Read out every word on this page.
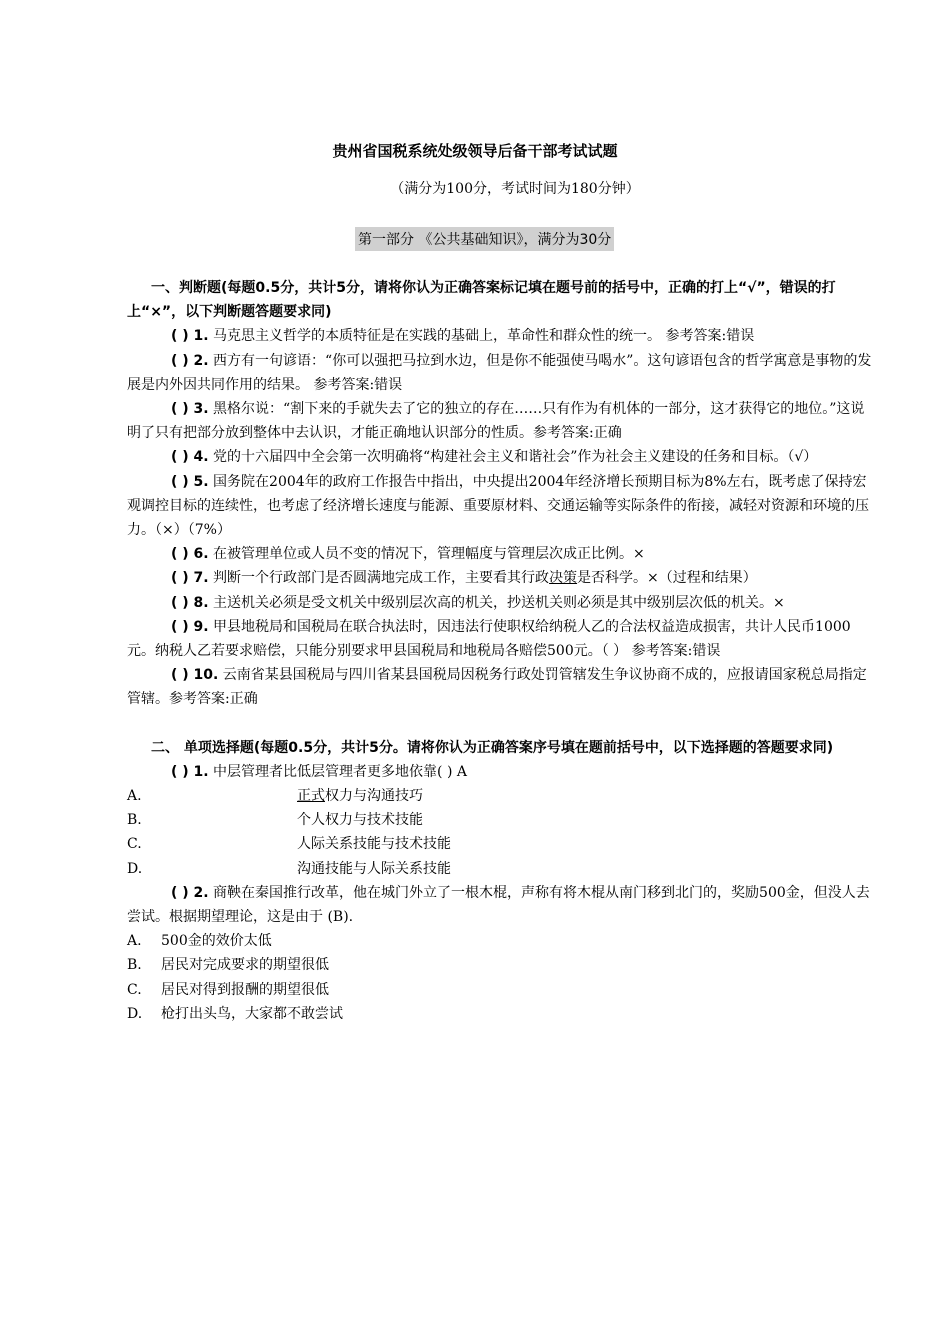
贵州省国税系统处级领导后备干部考试试题
（满分为100分，考试时间为180分钟）
第一部分 《公共基础知识》，满分为30分

一、判断题(每题0.5分，共计5分，请将你认为正确答案标记填在题号前的括号中，正确的打上“√”，错误的打上“×”，以下判断题答题要求同)

( ) 1. 马克思主义哲学的本质特征是在实践的基础上，革命性和群众性的统一。 参考答案:错误

( ) 2. 西方有一句谚语：“你可以强把马拉到水边，但是你不能强使马喝水”。这句谚语包含的哲学寓意是事物的发展是内外因共同作用的结果。 参考答案:错误

( ) 3. 黑格尔说：“割下来的手就失去了它的独立的存在……只有作为有机体的一部分，这才获得它的地位。”这说明了只有把部分放到整体中去认识，才能正确地认识部分的性质。参考答案:正确

( ) 4. 党的十六届四中全会第一次明确将“构建社会主义和谐社会”作为社会主义建设的任务和目标。（√）

( ) 5. 国务院在2004年的政府工作报告中指出，中央提出2004年经济增长预期目标为8%左右，既考虑了保持宏观调控目标的连续性，也考虑了经济增长速度与能源、重要原材料、交通运输等实际条件的衔接，减轻对资源和环境的压力。（×）（7%）

( ) 6. 在被管理单位或人员不变的情况下，管理幅度与管理层次成正比例。×

( ) 7. 判断一个行政部门是否圆满地完成工作，主要看其行政决策是否科学。×（过程和结果）

( ) 8. 主送机关必须是受文机关中级别层次高的机关，抄送机关则必须是其中级别层次低的机关。×

( ) 9. 甲县地税局和国税局在联合执法时，因违法行使职权给纳税人乙的合法权益造成损害，共计人民币1000元。纳税人乙若要求赔偿，只能分别要求甲县国税局和地税局各赔偿500元。（ ） 参考答案:错误

( ) 10. 云南省某县国税局与四川省某县国税局因税务行政处罚管辖发生争议协商不成的，应报请国家税总局指定管辖。参考答案:正确

二、 单项选择题(每题0.5分，共计5分。请将你认为正确答案序号填在题前括号中，以下选择题的答题要求同)

( ) 1. 中层管理者比低层管理者更多地依靠( ) A

A.	正式权力与沟通技巧

B.	个人权力与技术技能

C.	人际关系技能与技术技能

D.	沟通技能与人际关系技能

( ) 2. 商鞅在秦国推行改革，他在城门外立了一根木棍，声称有将木棍从南门移到北门的，奖励500金，但没人去尝试。根据期望理论，这是由于 (B).

A. 500金的效价太低

B. 居民对完成要求的期望很低

C. 居民对得到报酬的期望很低

D. 枪打出头鸟，大家都不敢尝试
